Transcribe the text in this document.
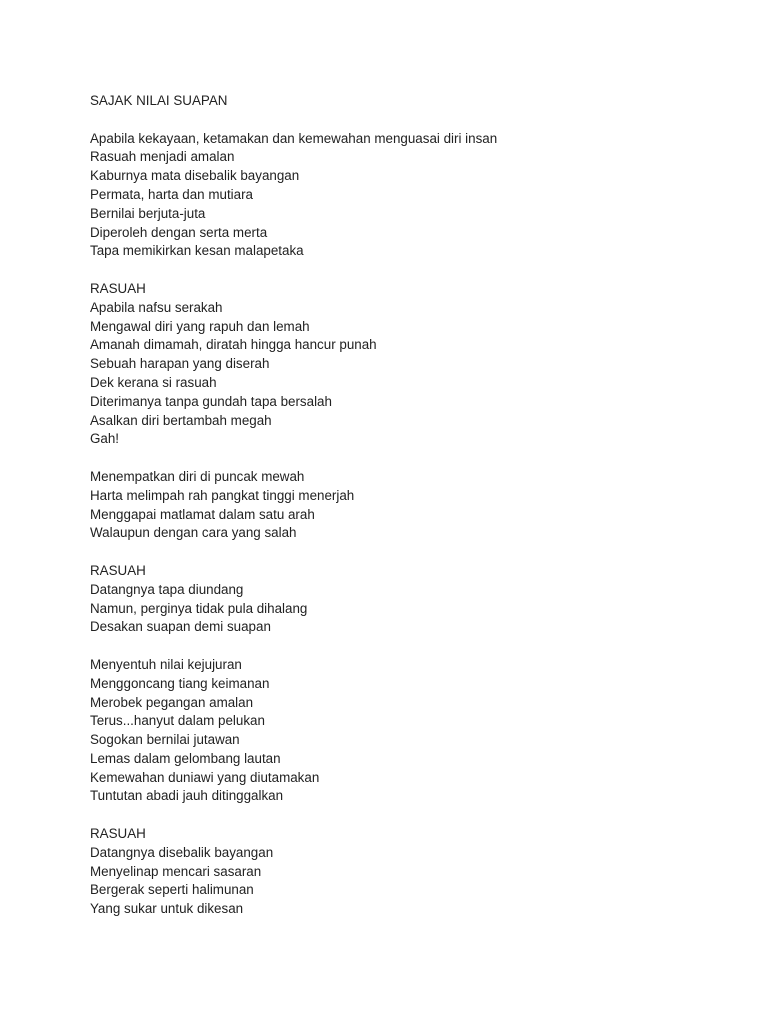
SAJAK NILAI SUAPAN
Apabila kekayaan, ketamakan dan kemewahan menguasai diri insan
Rasuah menjadi amalan
Kaburnya mata disebalik bayangan
Permata, harta dan mutiara
Bernilai berjuta-juta
Diperoleh dengan serta merta
Tapa memikirkan kesan malapetaka
RASUAH
Apabila nafsu serakah
Mengawal diri yang rapuh dan lemah
Amanah dimamah, diratah hingga hancur punah
Sebuah harapan yang diserah
Dek kerana si rasuah
Diterimanya tanpa gundah tapa bersalah
Asalkan diri bertambah megah
Gah!
Menempatkan diri di puncak mewah
Harta melimpah rah pangkat tinggi menerjah
Menggapai matlamat dalam satu arah
Walaupun dengan cara yang salah
RASUAH
Datangnya tapa diundang
Namun, perginya tidak pula dihalang
Desakan suapan demi suapan
Menyentuh nilai kejujuran
Menggoncang tiang keimanan
Merobek pegangan amalan
Terus...hanyut dalam pelukan
Sogokan bernilai jutawan
Lemas dalam gelombang lautan
Kemewahan duniawi yang diutamakan
Tuntutan abadi jauh ditinggalkan
RASUAH
Datangnya disebalik bayangan
Menyelinap mencari sasaran
Bergerak seperti halimunan
Yang sukar untuk dikesan
